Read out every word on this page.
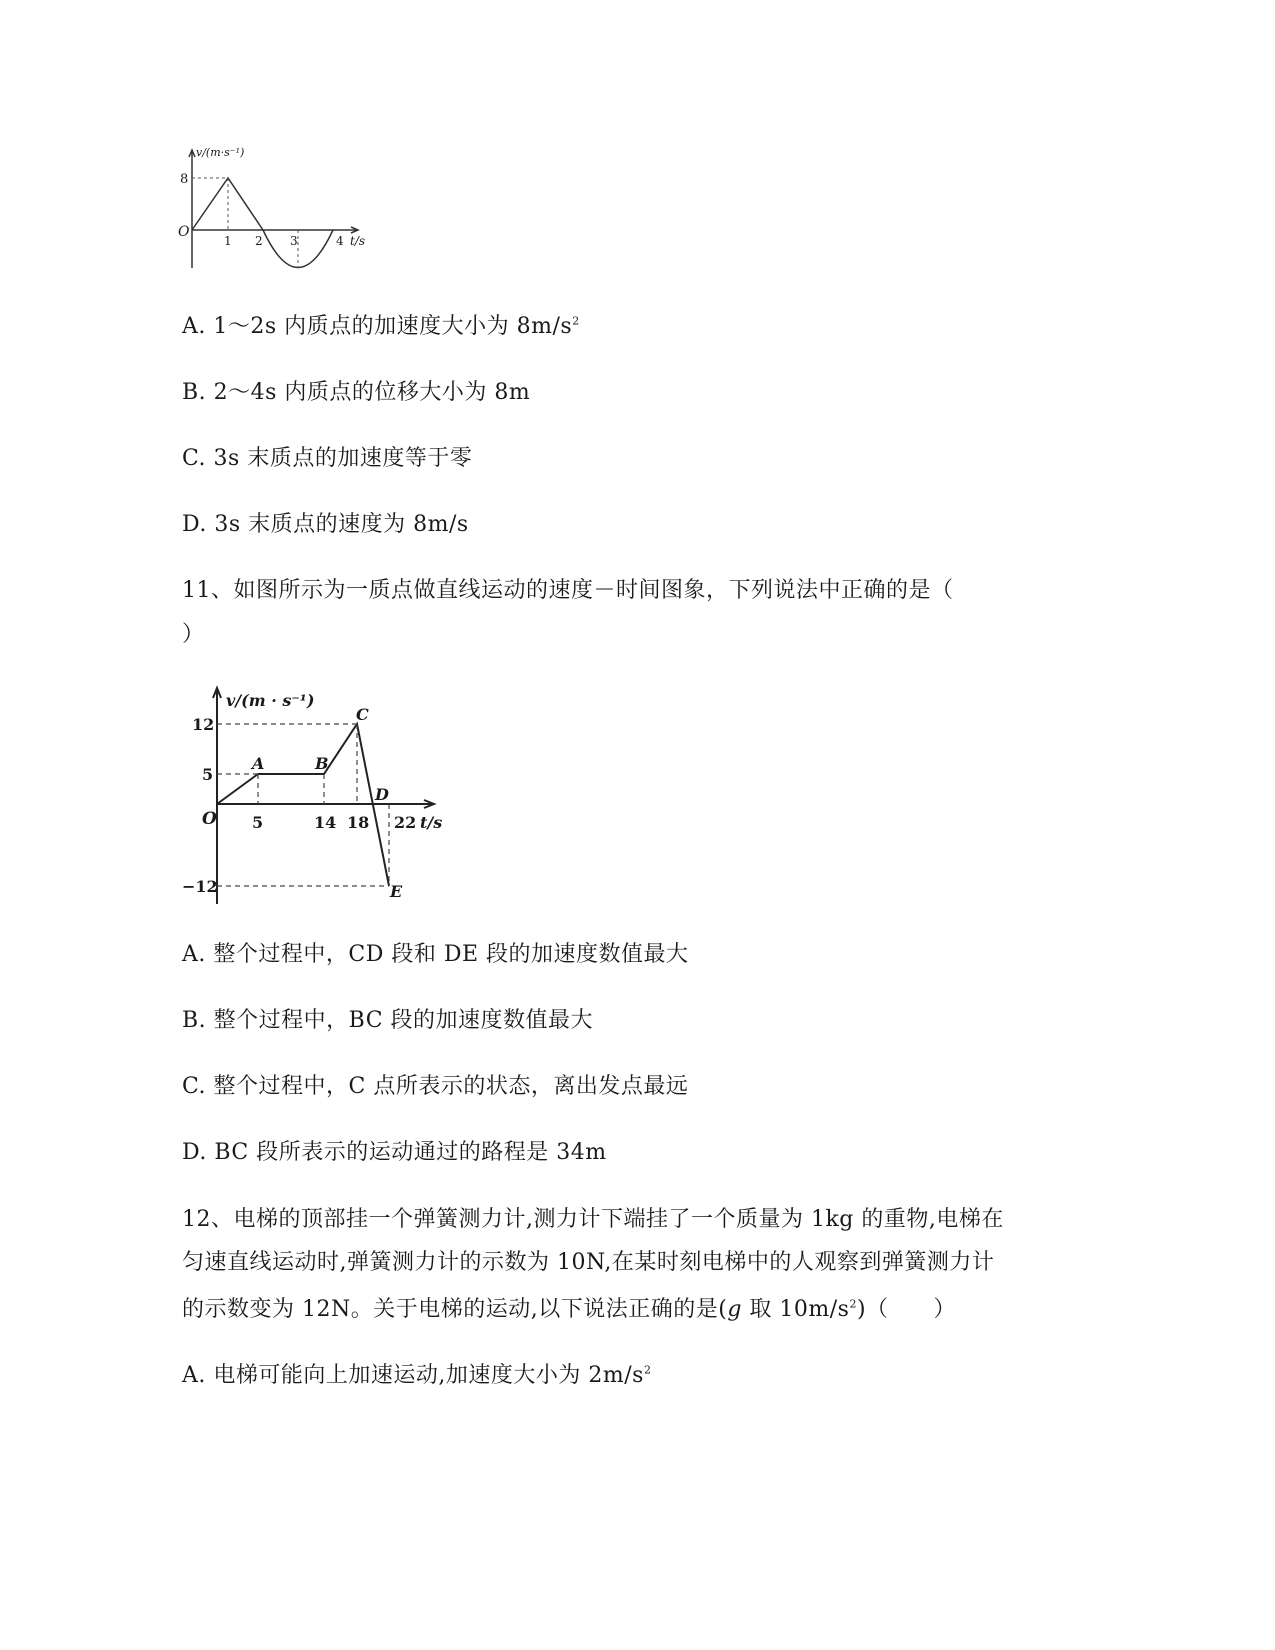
v/(m·s⁻¹)
8
O
1 2 3	4 t/s
A. 1～2s 内质点的加速度大小为 $8m/s^2$
B. 2～4s 内质点的位移大小为 8m
C. 3s 末质点的加速度等于零
D. 3s 末质点的速度为 8m/s
11、如图所示为一质点做直线运动的速度－时间图象，下列说法中正确的是（
）
v/(m · s⁻¹)
12
5
−12
O 5	14 18 22 t/s
A	B
C
D
E
A. 整个过程中，CD 段和 DE 段的加速度数值最大
B. 整个过程中，BC 段的加速度数值最大
C. 整个过程中，C 点所表示的状态，离出发点最远
D. BC 段所表示的运动通过的路程是 34m
12、电梯的顶部挂一个弹簧测力计,测力计下端挂了一个质量为 1kg 的重物,电梯在
匀速直线运动时,弹簧测力计的示数为 10N,在某时刻电梯中的人观察到弹簧测力计
的示数变为 12N。关于电梯的运动,以下说法正确的是(g 取 $10m/s^2$)（　　）
A. 电梯可能向上加速运动,加速度大小为 $2m/s^2$
